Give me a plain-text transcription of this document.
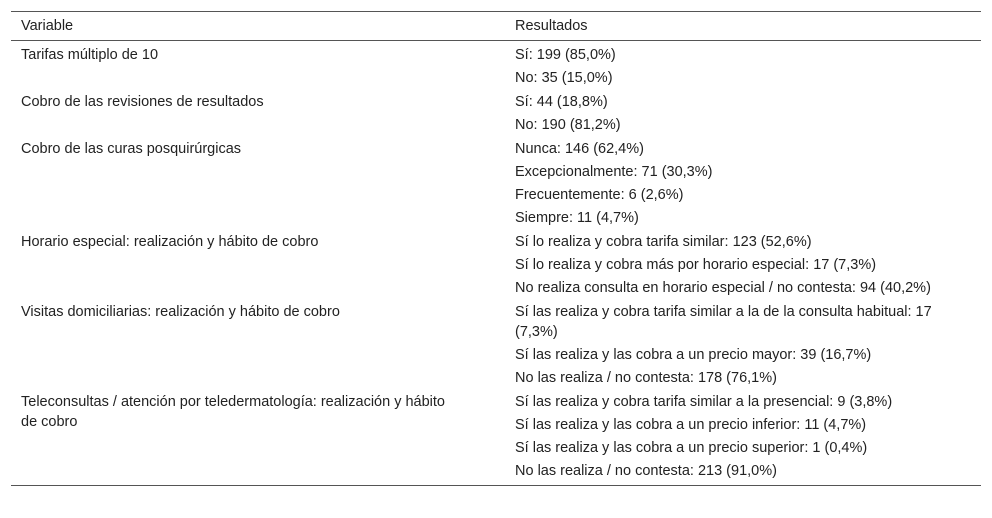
Variable	Resultados
Tarifas múltiplo de 10	Sí: 199 (85,0%)
	No: 35 (15,0%)
Cobro de las revisiones de resultados	Sí: 44 (18,8%)
	No: 190 (81,2%)
Cobro de las curas posquirúrgicas	Nunca: 146 (62,4%)
	Excepcionalmente: 71 (30,3%)
	Frecuentemente: 6 (2,6%)
	Siempre: 11 (4,7%)
Horario especial: realización y hábito de cobro	Sí lo realiza y cobra tarifa similar: 123 (52,6%)
	Sí lo realiza y cobra más por horario especial: 17 (7,3%)
	No realiza consulta en horario especial / no contesta: 94 (40,2%)
Visitas domiciliarias: realización y hábito de cobro	Sí las realiza y cobra tarifa similar a la de la consulta habitual: 17 (7,3%)
	Sí las realiza y las cobra a un precio mayor: 39 (16,7%)
	No las realiza / no contesta: 178 (76,1%)
Teleconsultas / atención por teledermatología: realización y hábito de cobro	Sí las realiza y cobra tarifa similar a la presencial: 9 (3,8%)
	Sí las realiza y las cobra a un precio inferior: 11 (4,7%)
	Sí las realiza y las cobra a un precio superior: 1 (0,4%)
	No las realiza / no contesta: 213 (91,0%)
